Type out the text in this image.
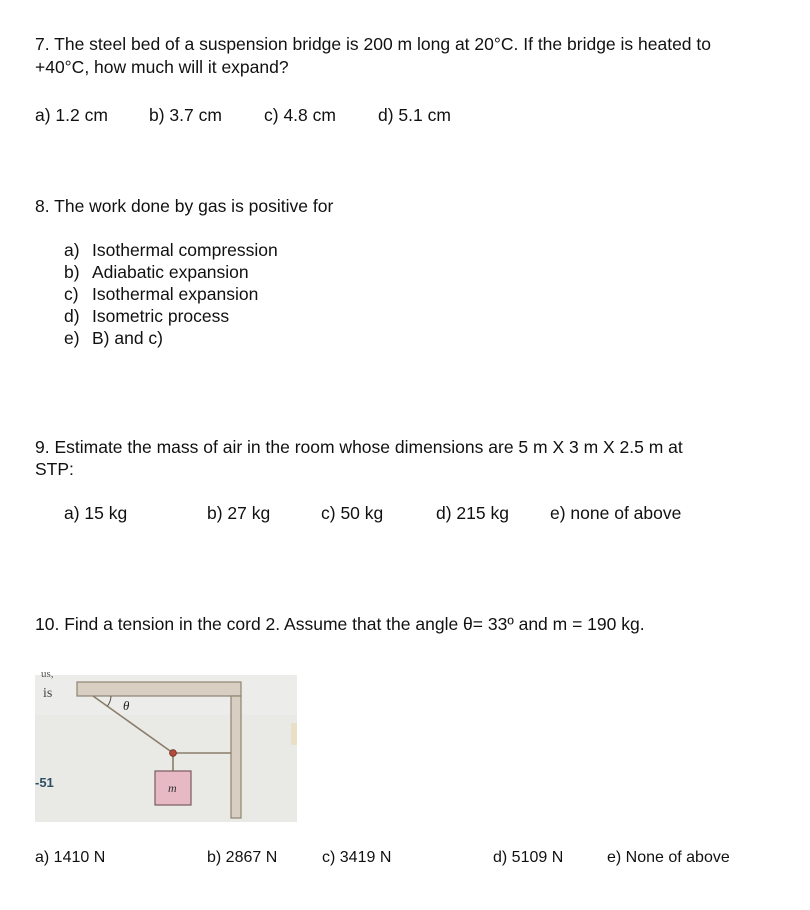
7. The steel bed of a suspension bridge is 200 m long at 20°C. If the bridge is heated to
+40°C, how much will it expand?
a) 1.2 cm b) 3.7 cm c) 4.8 cm d) 5.1 cm
8. The work done by gas is positive for
a) Isothermal compression
b) Adiabatic expansion
c) Isothermal expansion
d) Isometric process
e) B) and c)
9. Estimate the mass of air in the room whose dimensions are 5 m X 3 m X 2.5 m at
STP:
a) 15 kg	b) 27 kg	c) 50 kg	d) 215 kg e) none of above
10. Find a tension in the cord 2. Assume that the angle θ= 33º and m = 190 kg.
θ
m
us,
is
-51
a) 1410 N	b) 2867 N	c) 3419 N	d) 5109 N	e) None of above
